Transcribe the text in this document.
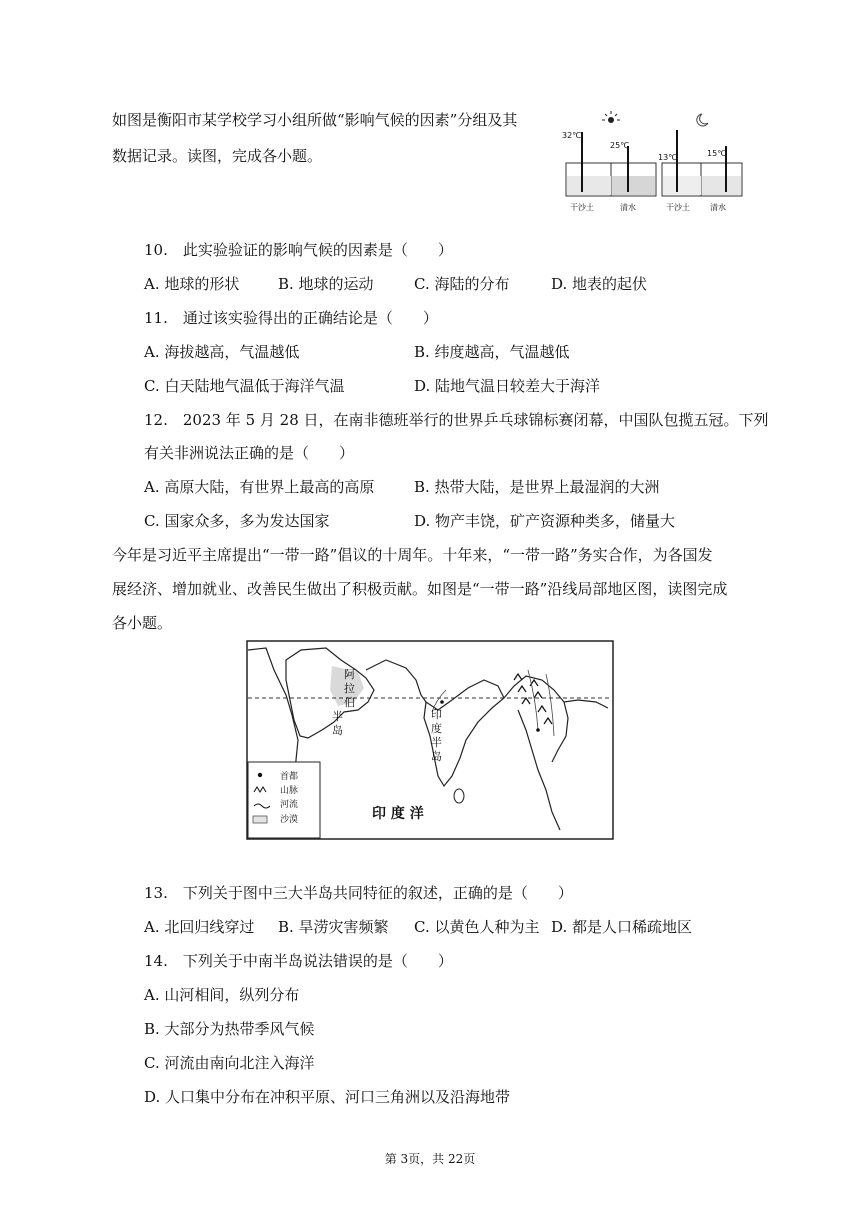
如图是衡阳市某学校学习小组所做“影响气候的因素”分组及其
数据记录。读图，完成各小题。
32℃
25℃
13℃	15℃
干沙土	清水	干沙土	清水
10.　此实验验证的影响气候的因素是（　　）
A. 地球的形状	B. 地球的运动	C. 海陆的分布	D. 地表的起伏
11.　通过该实验得出的正确结论是（　　）
A. 海拔越高，气温越低	B. 纬度越高，气温越低
C. 白天陆地气温低于海洋气温	D. 陆地气温日较差大于海洋
12.　2023 年 5 月 28 日，在南非德班举行的世界乒乓球锦标赛闭幕，中国队包揽五冠。下列
有关非洲说法正确的是（　　）
A. 高原大陆，有世界上最高的高原	B. 热带大陆，是世界上最湿润的大洲
C. 国家众多，多为发达国家	D. 物产丰饶，矿产资源种类多，储量大
今年是习近平主席提出“一带一路”倡议的十周年。十年来，“一带一路”务实合作，为各国发
展经济、增加就业、改善民生做出了积极贡献。如图是“一带一路”沿线局部地区图，读图完成
各小题。
阿 拉 伯 半 岛
印 度 半 岛
印 度 洋
首都
山脉
河流
沙漠
13.　下列关于图中三大半岛共同特征的叙述，正确的是（　　）
A. 北回归线穿过 B. 旱涝灾害频繁 C. 以黄色人种为主 D. 都是人口稀疏地区
14.　下列关于中南半岛说法错误的是（　　）
A. 山河相间，纵列分布
B. 大部分为热带季风气候
C. 河流由南向北注入海洋
D. 人口集中分布在冲积平原、河口三角洲以及沿海地带
第 3页，共 22页
